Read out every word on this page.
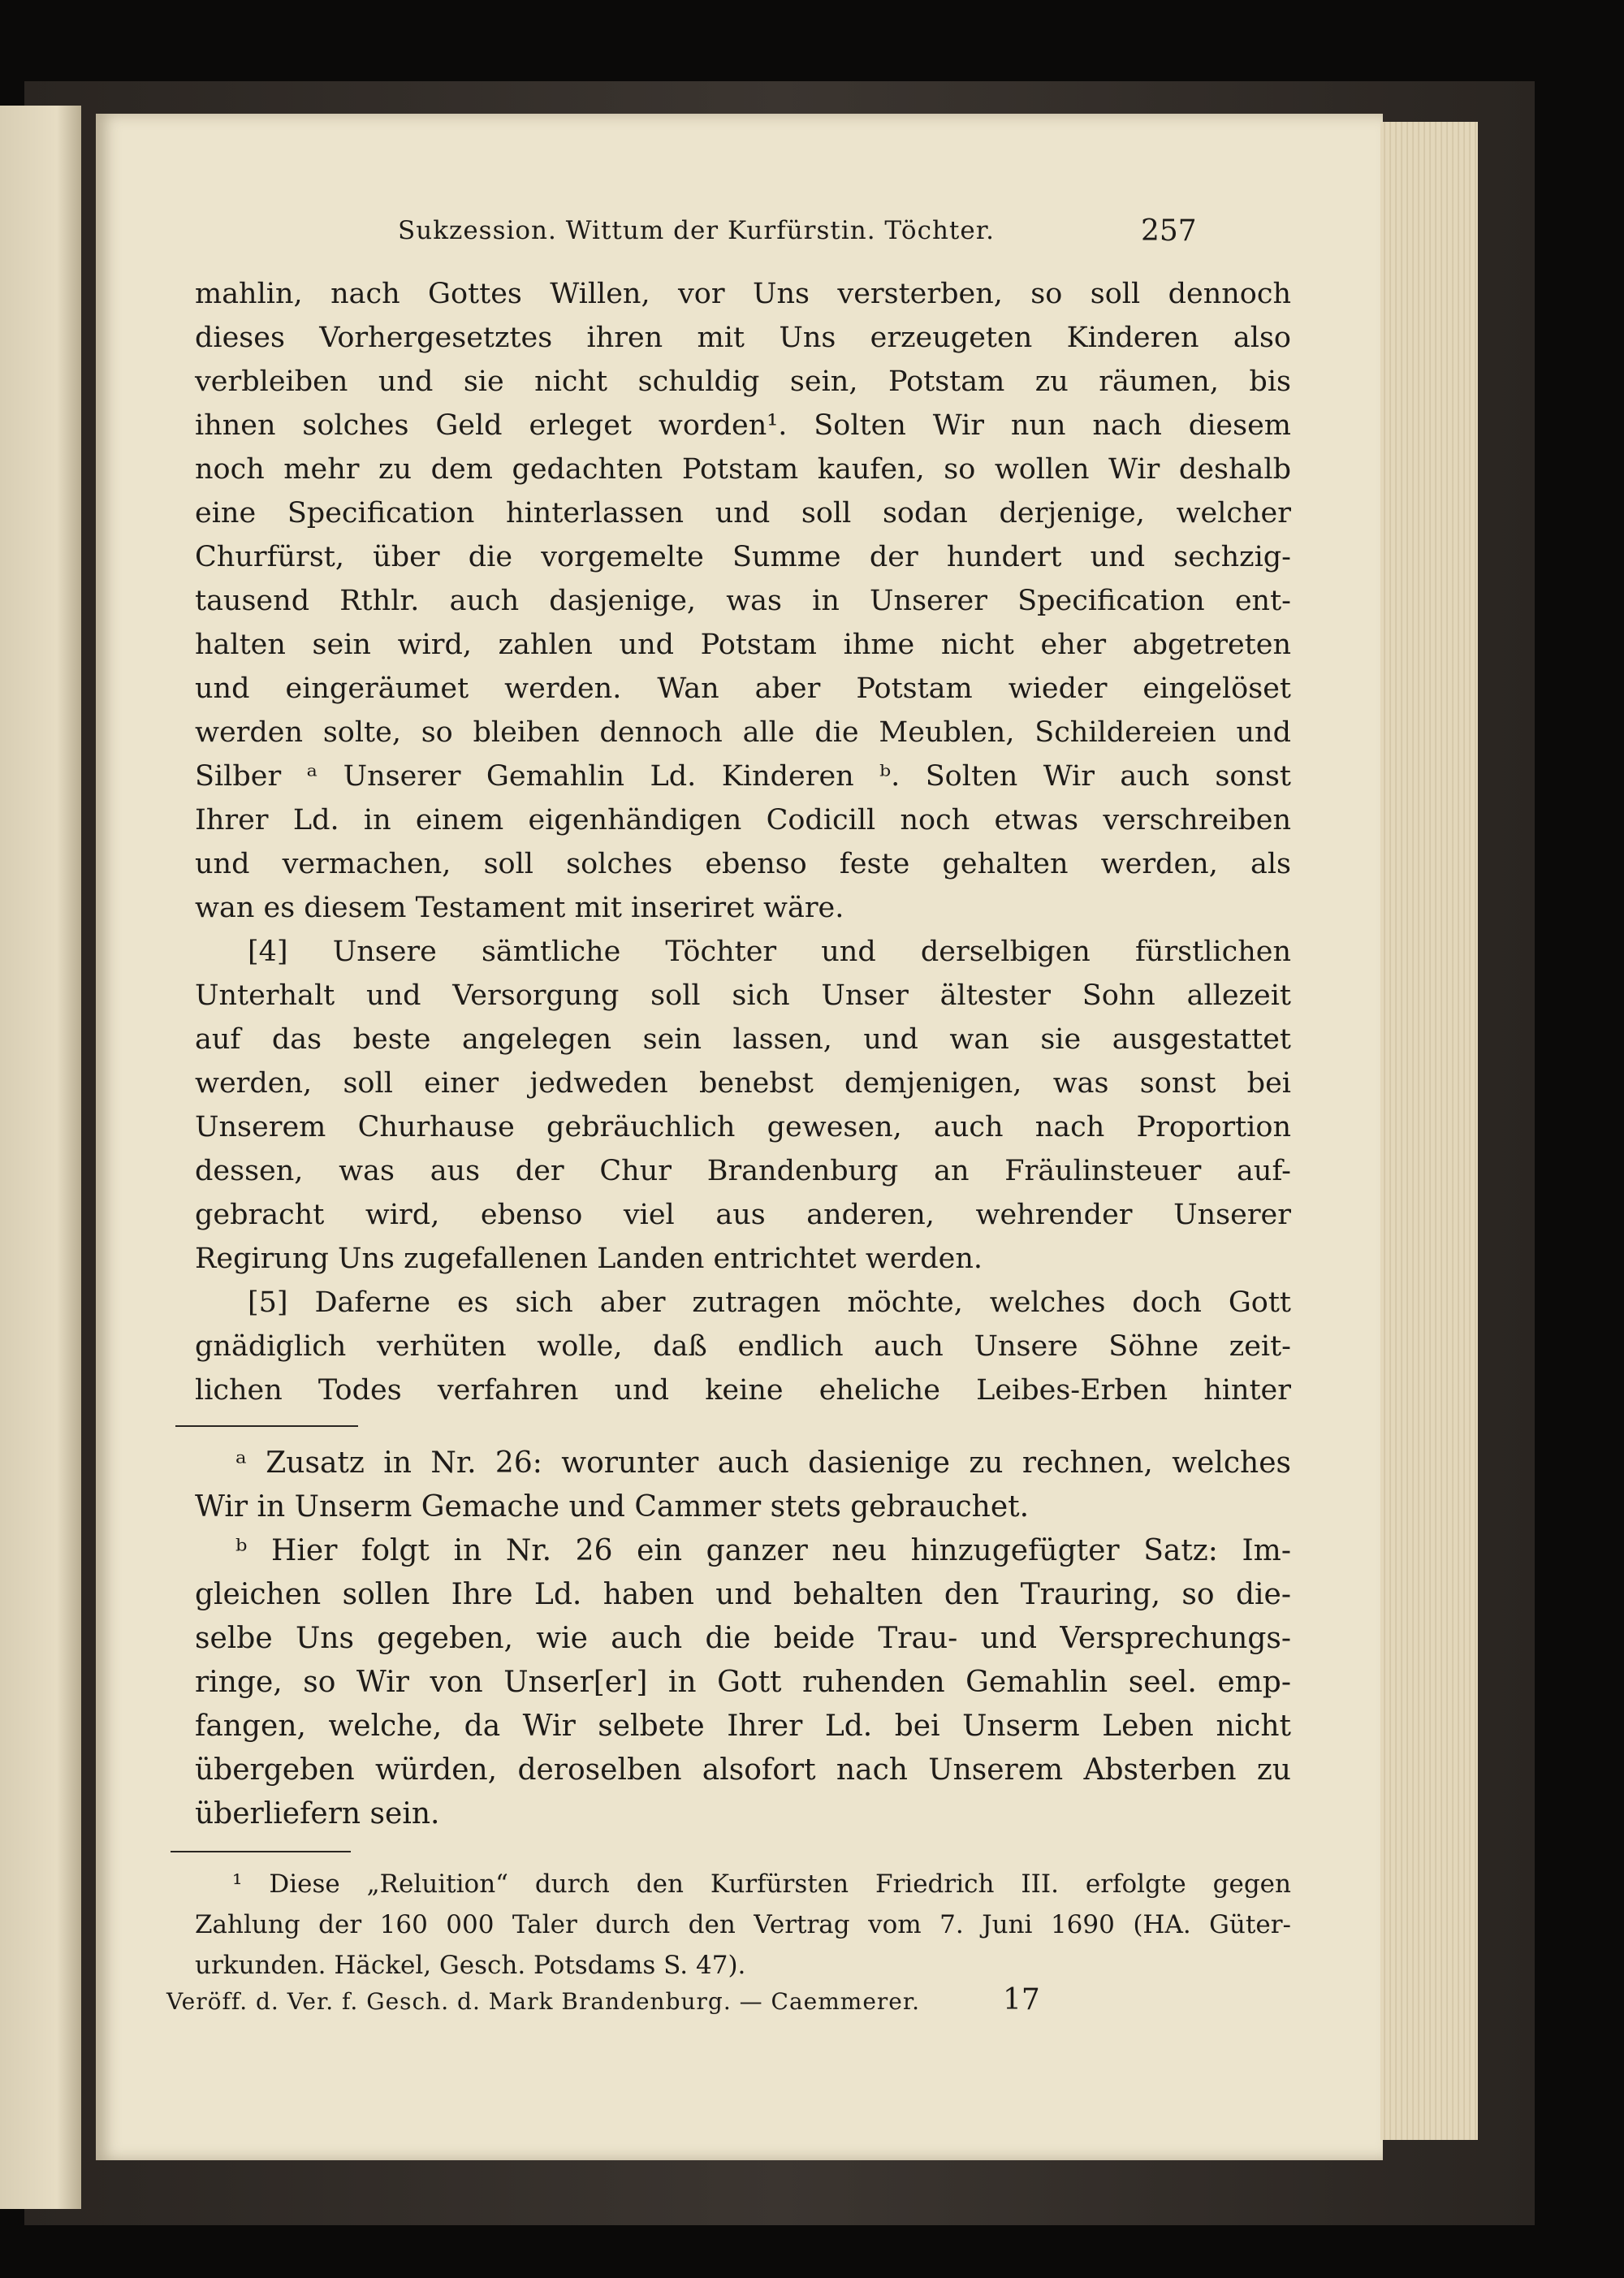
Sukzession. Wittum der Kurfürstin. Töchter.	257
mahlin, nach Gottes Willen, vor Uns versterben, so soll dennoch
dieses Vorhergesetztes ihren mit Uns erzeugeten Kinderen also
verbleiben und sie nicht schuldig sein, Potstam zu räumen, bis
ihnen solches Geld erleget worden¹. Solten Wir nun nach diesem
noch mehr zu dem gedachten Potstam kaufen, so wollen Wir deshalb
eine Specification hinterlassen und soll sodan derjenige, welcher
Churfürst, über die vorgemelte Summe der hundert und sechzig-
tausend Rthlr. auch dasjenige, was in Unserer Specification ent-
halten sein wird, zahlen und Potstam ihme nicht eher abgetreten
und eingeräumet werden. Wan aber Potstam wieder eingelöset
werden solte, so bleiben dennoch alle die Meublen, Schildereien und
Silber ᵃ Unserer Gemahlin Ld. Kinderen ᵇ. Solten Wir auch sonst
Ihrer Ld. in einem eigenhändigen Codicill noch etwas verschreiben
und vermachen, soll solches ebenso feste gehalten werden, als
wan es diesem Testament mit inseriret wäre.
[4] Unsere sämtliche Töchter und derselbigen fürstlichen
Unterhalt und Versorgung soll sich Unser ältester Sohn allezeit
auf das beste angelegen sein lassen, und wan sie ausgestattet
werden, soll einer jedweden benebst demjenigen, was sonst bei
Unserem Churhause gebräuchlich gewesen, auch nach Proportion
dessen, was aus der Chur Brandenburg an Fräulinsteuer auf-
gebracht wird, ebenso viel aus anderen, wehrender Unserer
Regirung Uns zugefallenen Landen entrichtet werden.
[5] Daferne es sich aber zutragen möchte, welches doch Gott
gnädiglich verhüten wolle, daß endlich auch Unsere Söhne zeit-
lichen Todes verfahren und keine eheliche Leibes-Erben hinter
ᵃ Zusatz in Nr. 26: worunter auch dasienige zu rechnen, welches
Wir in Unserm Gemache und Cammer stets gebrauchet.
ᵇ Hier folgt in Nr. 26 ein ganzer neu hinzugefügter Satz: Im-
gleichen sollen Ihre Ld. haben und behalten den Trauring, so die-
selbe Uns gegeben, wie auch die beide Trau- und Versprechungs-
ringe, so Wir von Unser[er] in Gott ruhenden Gemahlin seel. emp-
fangen, welche, da Wir selbete Ihrer Ld. bei Unserm Leben nicht
übergeben würden, deroselben alsofort nach Unserem Absterben zu
überliefern sein.
¹ Diese „Reluition“ durch den Kurfürsten Friedrich III. erfolgte gegen
Zahlung der 160 000 Taler durch den Vertrag vom 7. Juni 1690 (HA. Güter-
urkunden. Häckel, Gesch. Potsdams S. 47).
Veröff. d. Ver. f. Gesch. d. Mark Brandenburg. — Caemmerer.	17
